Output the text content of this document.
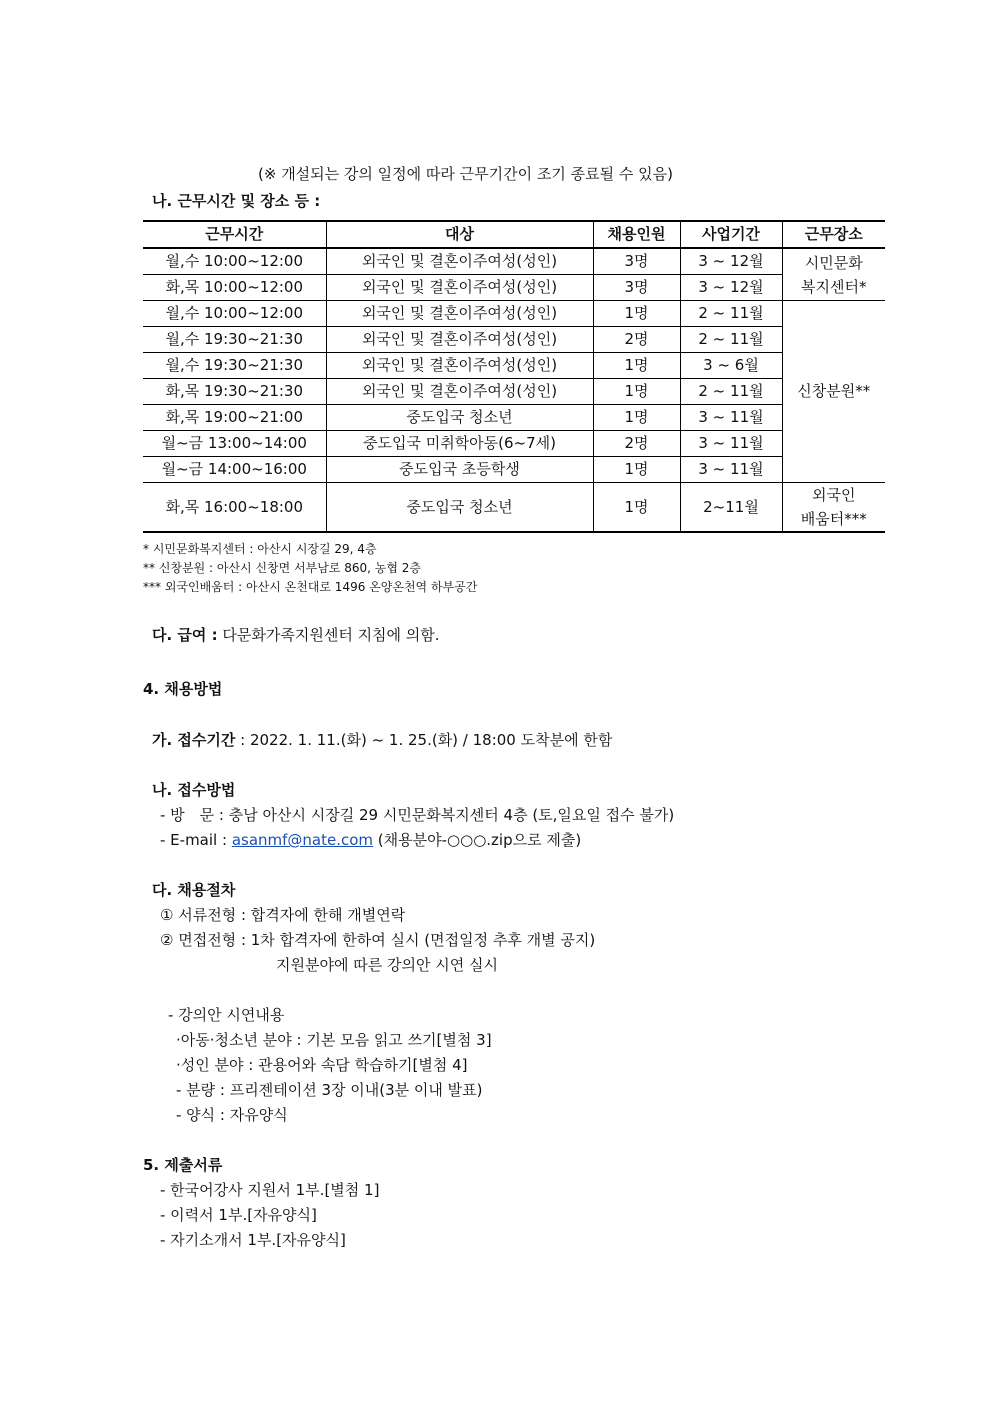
(※ 개설되는 강의 일정에 따라 근무기간이 조기 종료될 수 있음)
나. 근무시간 및 장소 등 :
근무시간	대상	채용인원	사업기간	근무장소
월,수 10:00~12:00	외국인 및 결혼이주여성(성인)	3명	3 ~ 12월	시민문화
복지센터*

화,목 10:00~12:00	외국인 및 결혼이주여성(성인)	3명	3 ~ 12월	
월,수 10:00~12:00	외국인 및 결혼이주여성(성인)	1명	2 ~ 11월	신창분원**
월,수 19:30~21:30	외국인 및 결혼이주여성(성인)	2명	2 ~ 11월	
월,수 19:30~21:30	외국인 및 결혼이주여성(성인)	1명	3 ~ 6월	
화,목 19:30~21:30	외국인 및 결혼이주여성(성인)	1명	2 ~ 11월	
화,목 19:00~21:00	중도입국 청소년	1명	3 ~ 11월	
월~금 13:00~14:00	중도입국 미취학아동(6~7세)	2명	3 ~ 11월	
월~금 14:00~16:00	중도입국 초등학생	1명	3 ~ 11월	
화,목 16:00~18:00	중도입국 청소년	1명	2~11월	외국인
배움터***
* 시민문화복지센터 : 아산시 시장길 29, 4층
** 신창분원 : 아산시 신창면 서부남로 860, 농협 2층
*** 외국인배움터 : 아산시 온천대로 1496 온양온천역 하부공간
다. 급여 : 다문화가족지원센터 지침에 의함.
4. 채용방법
가. 접수기간 : 2022. 1. 11.(화) ~ 1. 25.(화) / 18:00 도착분에 한함
나. 접수방법
- 방　문 : 충남 아산시 시장길 29 시민문화복지센터 4층 (토,일요일 접수 불가)
- E-mail : asanmf@nate.com (채용분야-○○○.zip으로 제출)
다. 채용절차
① 서류전형 : 합격자에 한해 개별연락
② 면접전형 : 1차 합격자에 한하여 실시 (면접일정 추후 개별 공지)
지원분야에 따른 강의안 시연 실시
- 강의안 시연내용
·아동·청소년 분야 : 기본 모음 읽고 쓰기[별첨 3]
·성인 분야 : 관용어와 속담 학습하기[별첨 4]
- 분량 : 프리젠테이션 3장 이내(3분 이내 발표)
- 양식 : 자유양식
5. 제출서류
- 한국어강사 지원서 1부.[별첨 1]
- 이력서 1부.[자유양식]
- 자기소개서 1부.[자유양식]
